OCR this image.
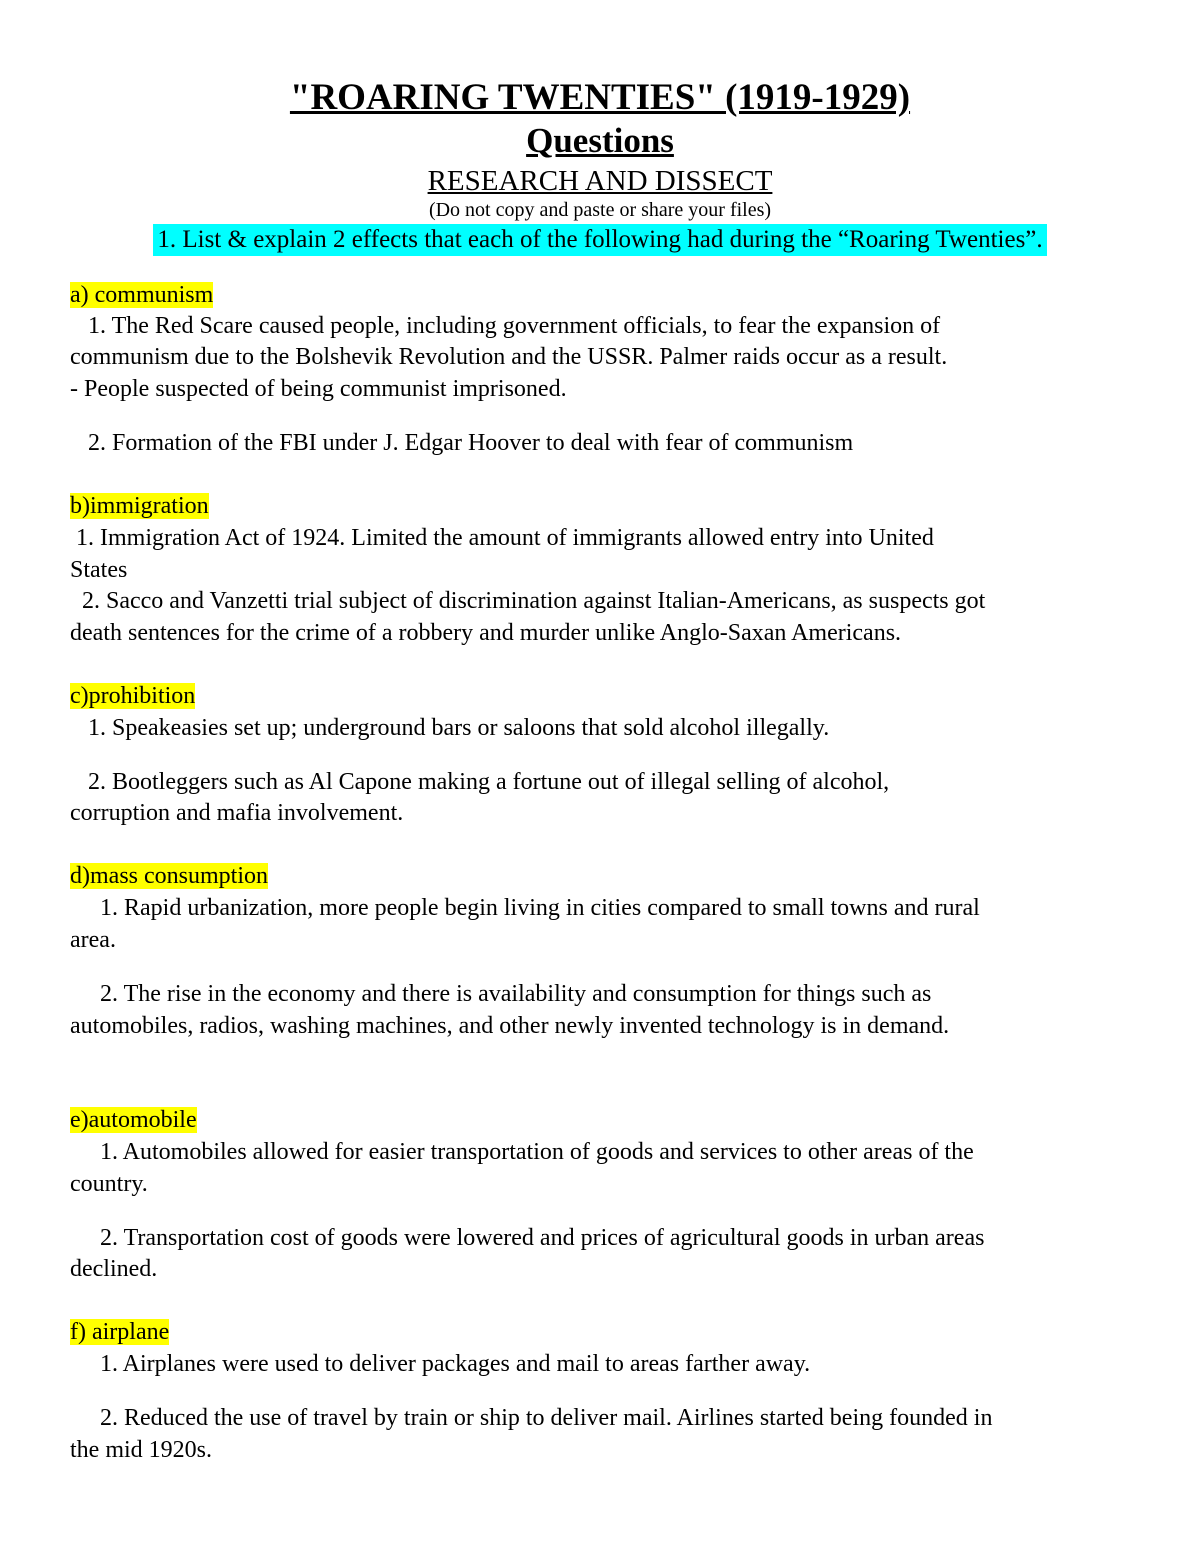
"ROARING TWENTIES" (1919-1929)
Questions
RESEARCH AND DISSECT
(Do not copy and paste or share your files)
1. List & explain 2 effects that each of the following had during the “Roaring Twenties”.
a) communism
1. The Red Scare caused people, including government officials, to fear the expansion of
communism due to the Bolshevik Revolution and the USSR. Palmer raids occur as a result.
- People suspected of being communist imprisoned.
2. Formation of the FBI under J. Edgar Hoover to deal with fear of communism
b)immigration
1. Immigration Act of 1924. Limited the amount of immigrants allowed entry into United
States
2. Sacco and Vanzetti trial subject of discrimination against Italian-Americans, as suspects got
death sentences for the crime of a robbery and murder unlike Anglo-Saxan Americans.
c)prohibition
1. Speakeasies set up; underground bars or saloons that sold alcohol illegally.
2. Bootleggers such as Al Capone making a fortune out of illegal selling of alcohol,
corruption and mafia involvement.
d)mass consumption
1. Rapid urbanization, more people begin living in cities compared to small towns and rural
area.
2. The rise in the economy and there is availability and consumption for things such as
automobiles, radios, washing machines, and other newly invented technology is in demand.
e)automobile
1. Automobiles allowed for easier transportation of goods and services to other areas of the
country.
2. Transportation cost of goods were lowered and prices of agricultural goods in urban areas
declined.
f) airplane
1. Airplanes were used to deliver packages and mail to areas farther away.
2. Reduced the use of travel by train or ship to deliver mail. Airlines started being founded in
the mid 1920s.
